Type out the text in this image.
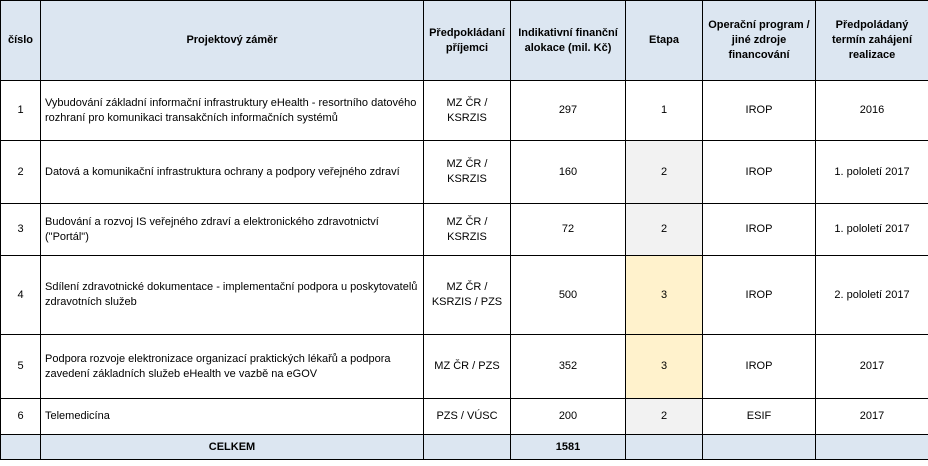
číslo	Projektový záměr	Předpokládaní příjemci	Indikativní finanční alokace (mil. Kč)	Etapa	Operační program / jiné zdroje financování	Předpoládaný termín zahájení realizace
1	Vybudování základní informační infrastruktury eHealth - resortního datového rozhraní pro komunikaci transakčních informačních systémů	MZ ČR / KSRZIS	297	1	IROP	2016
2	Datová a komunikační infrastruktura ochrany a podpory veřejného zdraví	MZ ČR / KSRZIS	160	2	IROP	1. pololetí 2017
3	Budování a rozvoj IS veřejného zdraví a elektronického zdravotnictví ("Portál")	MZ ČR / KSRZIS	72	2	IROP	1. pololetí 2017
4	Sdílení zdravotnické dokumentace - implementační podpora u poskytovatelů zdravotních služeb	MZ ČR / KSRZIS / PZS	500	3	IROP	2. pololetí 2017
5	Podpora rozvoje elektronizace organizací praktických lékařů a podpora zavedení základních služeb eHealth ve vazbě na eGOV	MZ ČR / PZS	352	3	IROP	2017
6	Telemedicína	PZS / VÚSC	200	2	ESIF	2017
	CELKEM		1581			
